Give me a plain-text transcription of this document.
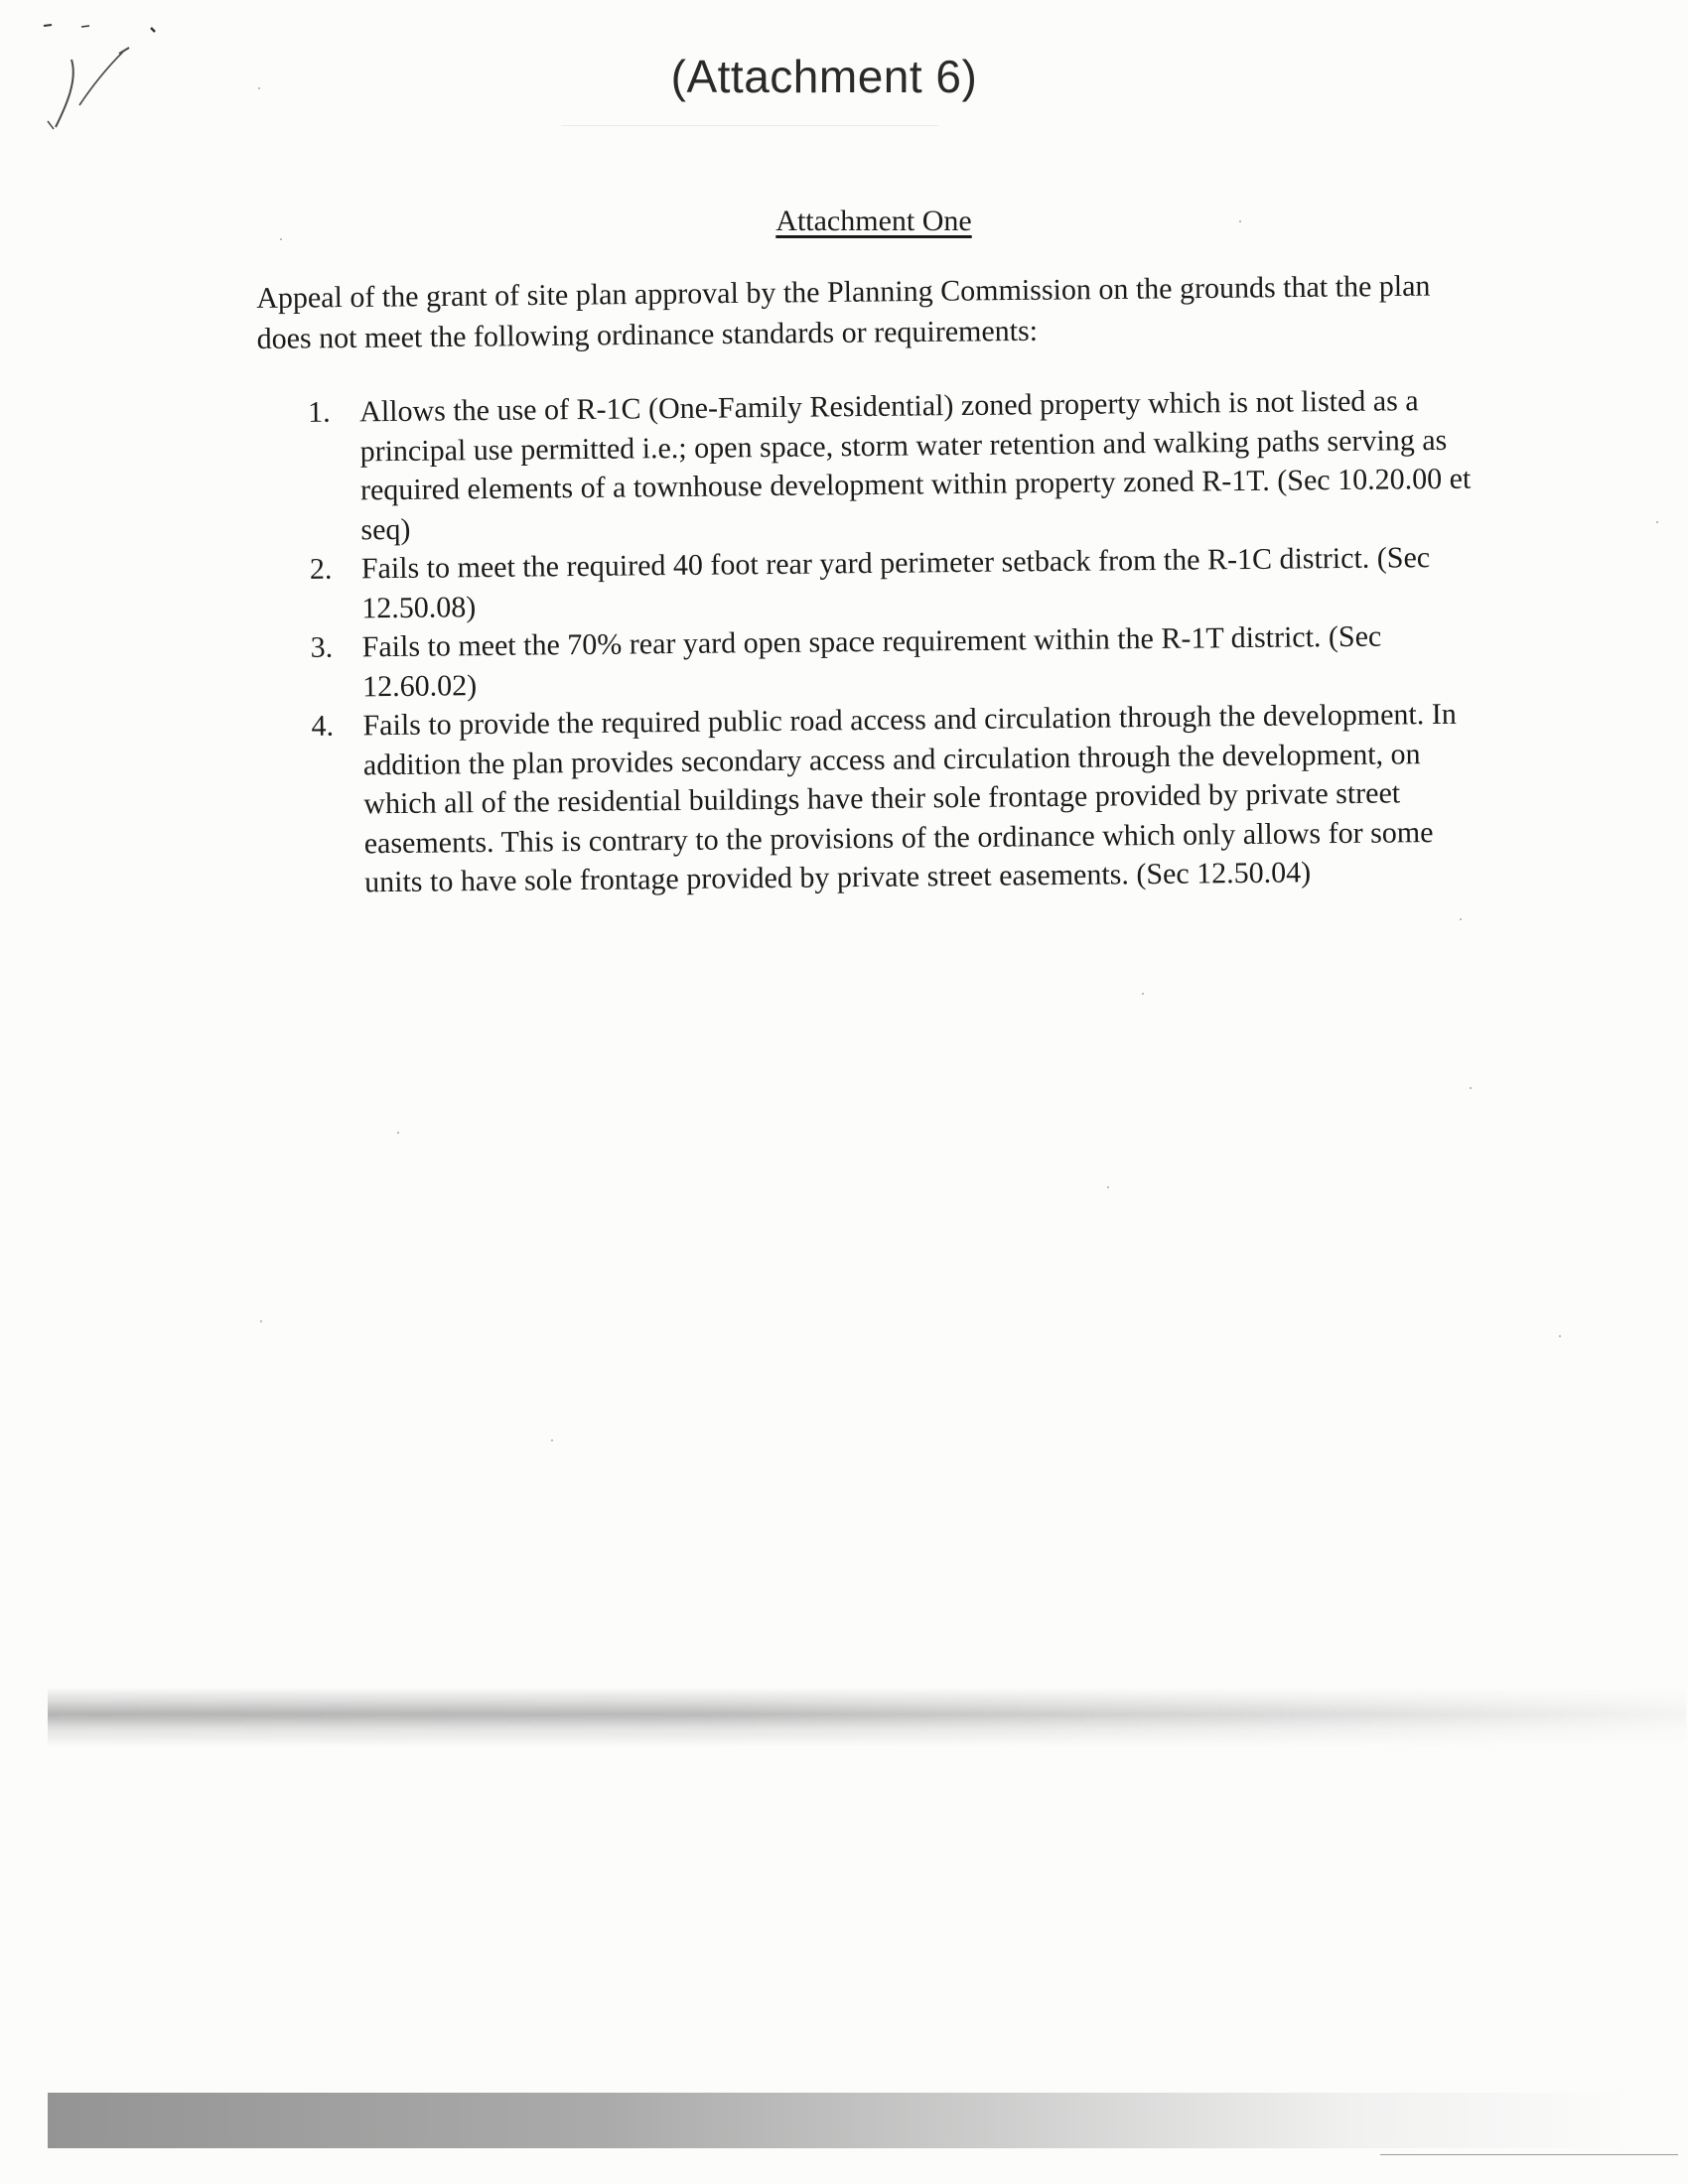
(Attachment 6)
Attachment One
Appeal of the grant of site plan approval by the Planning Commission on the grounds that the plan does not meet the following ordinance standards or requirements:
1. Allows the use of R-1C (One-Family Residential) zoned property which is not listed as a principal use permitted i.e.; open space, storm water retention and walking paths serving as required elements of a townhouse development within property zoned R-1T. (Sec 10.20.00 et seq)
2. Fails to meet the required 40 foot rear yard perimeter setback from the R-1C district. (Sec 12.50.08)
3. Fails to meet the 70% rear yard open space requirement within the R-1T district. (Sec 12.60.02)
4. Fails to provide the required public road access and circulation through the development. In addition the plan provides secondary access and circulation through the development, on which all of the residential buildings have their sole frontage provided by private street easements. This is contrary to the provisions of the ordinance which only allows for some units to have sole frontage provided by private street easements. (Sec 12.50.04)
